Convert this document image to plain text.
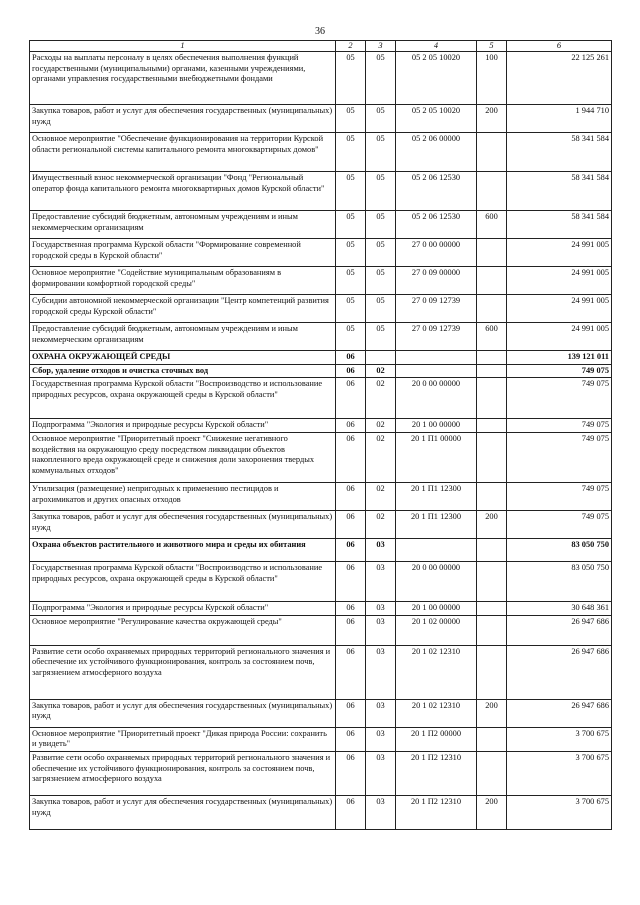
36
1	2	3	4	5	6
Расходы на выплаты персоналу в целях обеспечения выполнения функций государственными (муниципальными) органами, казенными учреждениями, органами управления государственными внебюджетными фондами	05	05	05 2 05 10020	100	22 125 261
Закупка товаров, работ и услуг для обеспечения государственных (муниципальных) нужд	05	05	05 2 05 10020	200	1 944 710
Основное мероприятие "Обеспечение функционирования на территории Курской области региональной системы капитального ремонта многоквартирных домов"	05	05	05 2 06 00000		58 341 584
Имущественный взнос некоммерческой организации "Фонд "Региональный оператор фонда капитального ремонта многоквартирных домов Курской области"	05	05	05 2 06 12530		58 341 584
Предоставление субсидий бюджетным, автономным учреждениям и иным некоммерческим организациям	05	05	05 2 06 12530	600	58 341 584
Государственная программа Курской области "Формирование современной городской среды в Курской области"	05	05	27 0 00 00000		24 991 005
Основное мероприятие "Содействие муниципальным образованиям в формировании комфортной городской среды"	05	05	27 0 09 00000		24 991 005
Субсидии автономной некоммерческой организации "Центр компетенций развития городской среды Курской области"	05	05	27 0 09 12739		24 991 005
Предоставление субсидий бюджетным, автономным учреждениям и иным некоммерческим организациям	05	05	27 0 09 12739	600	24 991 005
ОХРАНА ОКРУЖАЮЩЕЙ СРЕДЫ	06				139 121 011
Сбор, удаление отходов и очистка сточных вод	06	02			749 075
Государственная программа Курской области "Воспроизводство и использование природных ресурсов, охрана окружающей среды в Курской области"	06	02	20 0 00 00000		749 075
Подпрограмма "Экология и природные ресурсы Курской области"	06	02	20 1 00 00000		749 075
Основное мероприятие "Приоритетный проект "Снижение негативного воздействия на окружающую среду посредством ликвидации объектов накопленного вреда окружающей среде и снижения доли захоронения твердых коммунальных отходов"	06	02	20 1 П1 00000		749 075
Утилизация (размещение) непригодных к применению пестицидов и агрохимикатов и других опасных отходов	06	02	20 1 П1 12300		749 075
Закупка товаров, работ и услуг для обеспечения государственных (муниципальных) нужд	06	02	20 1 П1 12300	200	749 075
Охрана объектов растительного и животного мира и среды их обитания	06	03			83 050 750
Государственная программа Курской области "Воспроизводство и использование природных ресурсов, охрана окружающей среды в Курской области"	06	03	20 0 00 00000		83 050 750
Подпрограмма "Экология и природные ресурсы Курской области"	06	03	20 1 00 00000		30 648 361
Основное мероприятие "Регулирование качества окружающей среды"	06	03	20 1 02 00000		26 947 686
Развитие сети особо охраняемых природных территорий регионального значения и обеспечение их устойчивого функционирования, контроль за состоянием почв, загрязнением атмосферного воздуха	06	03	20 1 02 12310		26 947 686
Закупка товаров, работ и услуг для обеспечения государственных (муниципальных) нужд	06	03	20 1 02 12310	200	26 947 686
Основное мероприятие "Приоритетный проект "Дикая природа России: сохранить и увидеть"	06	03	20 1 П2 00000		3 700 675
Развитие сети особо охраняемых природных территорий регионального значения и обеспечение их устойчивого функционирования, контроль за состоянием почв, загрязнением атмосферного воздуха	06	03	20 1 П2 12310		3 700 675
Закупка товаров, работ и услуг для обеспечения государственных (муниципальных) нужд	06	03	20 1 П2 12310	200	3 700 675
